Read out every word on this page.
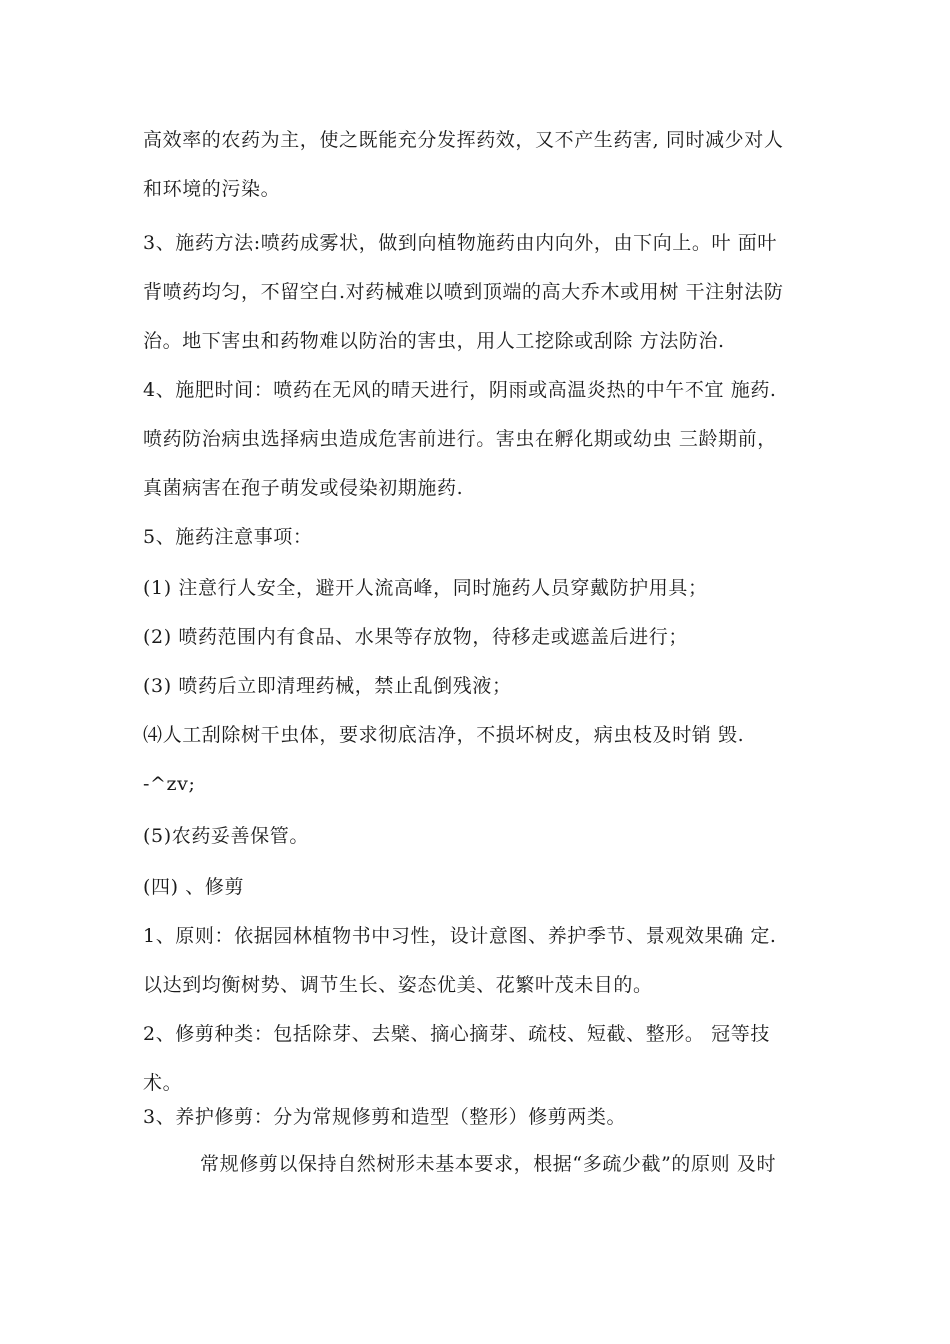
高效率的农药为主，使之既能充分发挥药效，又不产生药害, 同时减少对人
和环境的污染。
3、施药方法:喷药成雾状，做到向植物施药由内向外，由下向上。叶 面叶
背喷药均匀，不留空白.对药械难以喷到顶端的高大乔木或用树 干注射法防
治。地下害虫和药物难以防治的害虫，用人工挖除或刮除 方法防治.
4、施肥时间：喷药在无风的晴天进行，阴雨或高温炎热的中午不宜 施药.
喷药防治病虫选择病虫造成危害前进行。害虫在孵化期或幼虫 三龄期前，
真菌病害在孢子萌发或侵染初期施药.
5、施药注意事项：
(1) 注意行人安全，避开人流高峰，同时施药人员穿戴防护用具；
(2) 喷药范围内有食品、水果等存放物，待移走或遮盖后进行；
(3) 喷药后立即清理药械，禁止乱倒残液；
⑷人工刮除树干虫体，要求彻底洁净，不损坏树皮，病虫枝及时销 毁.
-^zv;
(5)农药妥善保管。
(四) 、修剪
1、原则：依据园林植物书中习性，设计意图、养护季节、景观效果确 定.
以达到均衡树势、调节生长、姿态优美、花繁叶茂未目的。
2、修剪种类：包括除芽、去檗、摘心摘芽、疏枝、短截、整形。 冠等技
术。
3、养护修剪：分为常规修剪和造型（整形）修剪两类。
常规修剪以保持自然树形未基本要求，根据“多疏少截”的原则 及时
